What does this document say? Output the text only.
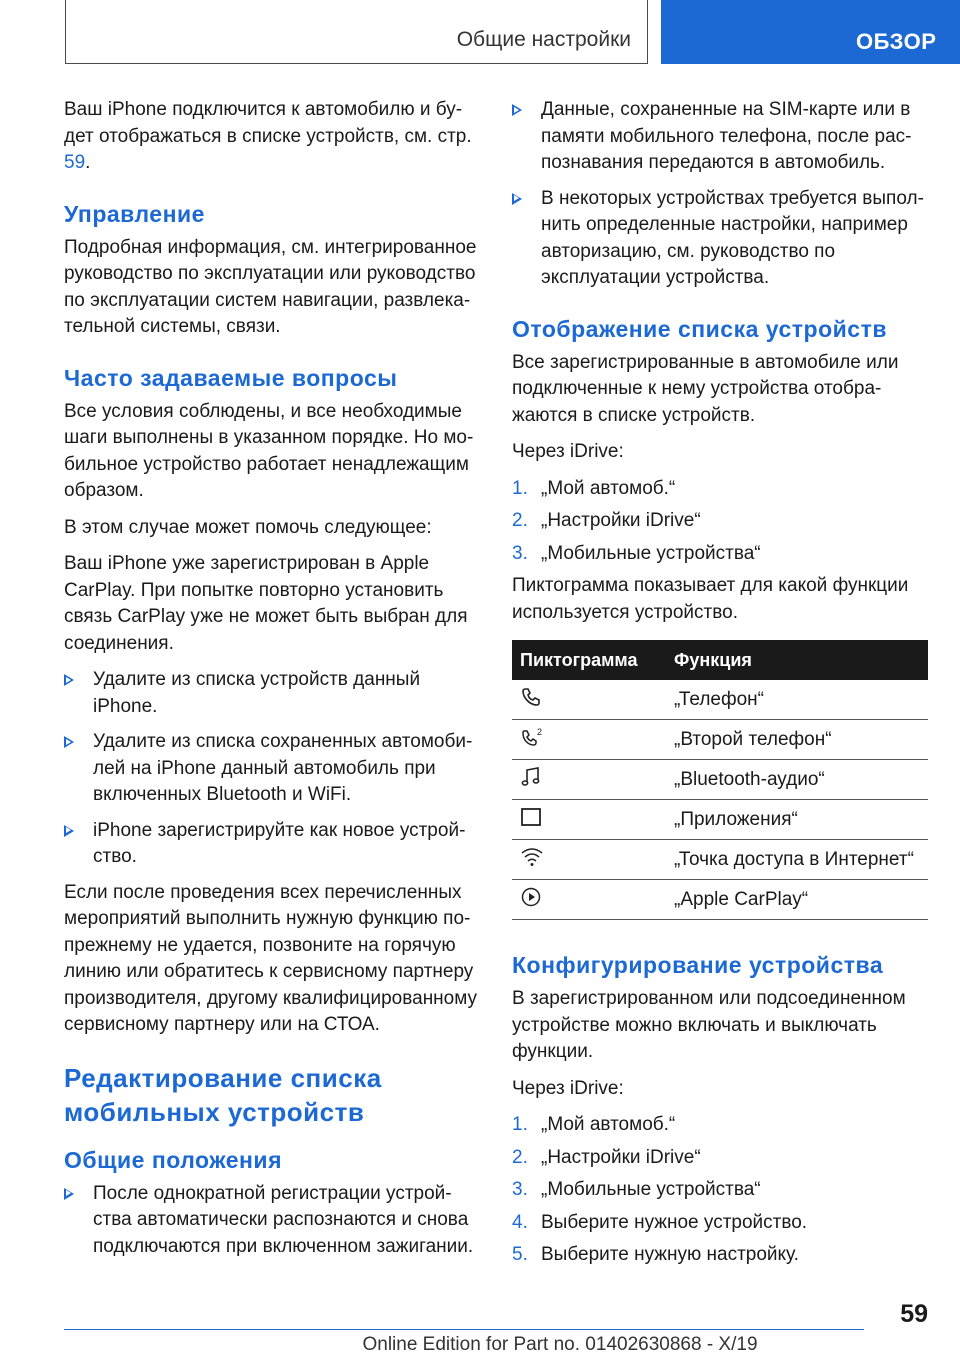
Общие настройки	ОБЗОР

Ваш iPhone подключится к автомобилю и будет отображаться в списке устройств, см. стр. 59.

Управление

Подробная информация, см. интегрированное руководство по эксплуатации или руководство по эксплуатации систем навигации, развлекательной системы, связи.

Часто задаваемые вопросы

Все условия соблюдены, и все необходимые шаги выполнены в указанном порядке. Но мобильное устройство работает ненадлежащим образом.

В этом случае может помочь следующее:

Ваш iPhone уже зарегистрирован в Apple CarPlay. При попытке повторно установить связь CarPlay уже не может быть выбран для соединения.

Удалите из списка устройств данный iPhone.

Удалите из списка сохраненных автомобилей на iPhone данный автомобиль при включенных Bluetooth и WiFi.

iPhone зарегистрируйте как новое устройство.

Если после проведения всех перечисленных мероприятий выполнить нужную функцию попрежнему не удается, позвоните на горячую линию или обратитесь к сервисному партнеру производителя, другому квалифицированному сервисному партнеру или на СТОА.

Редактирование списка мобильных устройств
Общие положения

После однократной регистрации устройства автоматически распознаются и снова подключаются при включенном зажигании.

Данные, сохраненные на SIM-карте или в памяти мобильного телефона, после распознавания передаются в автомобиль.

В некоторых устройствах требуется выполнить определенные настройки, например авторизацию, см. руководство по эксплуатации устройства.

Отображение списка устройств

Все зарегистрированные в автомобиле или подключенные к нему устройства отображаются в списке устройств.

Через iDrive:

1. „Мой автомоб.“

2. „Настройки iDrive“

3. „Мобильные устройства“

Пиктограмма показывает для какой функции используется устройство.

Пиктограмма	Функция
	„Телефон“

2	„Второй телефон“
	„Bluetooth-аудио“
	„Приложения“
	„Точка доступа в Интернет“
	„Apple CarPlay“
Конфигурирование устройства

В зарегистрированном или подсоединенном устройстве можно включать и выключать функции.

Через iDrive:

1. „Мой автомоб.“

2. „Настройки iDrive“

3. „Мобильные устройства“

4. Выберите нужное устройство.

5. Выберите нужную настройку.

59
Online Edition for Part no. 01402630868 - X/19
